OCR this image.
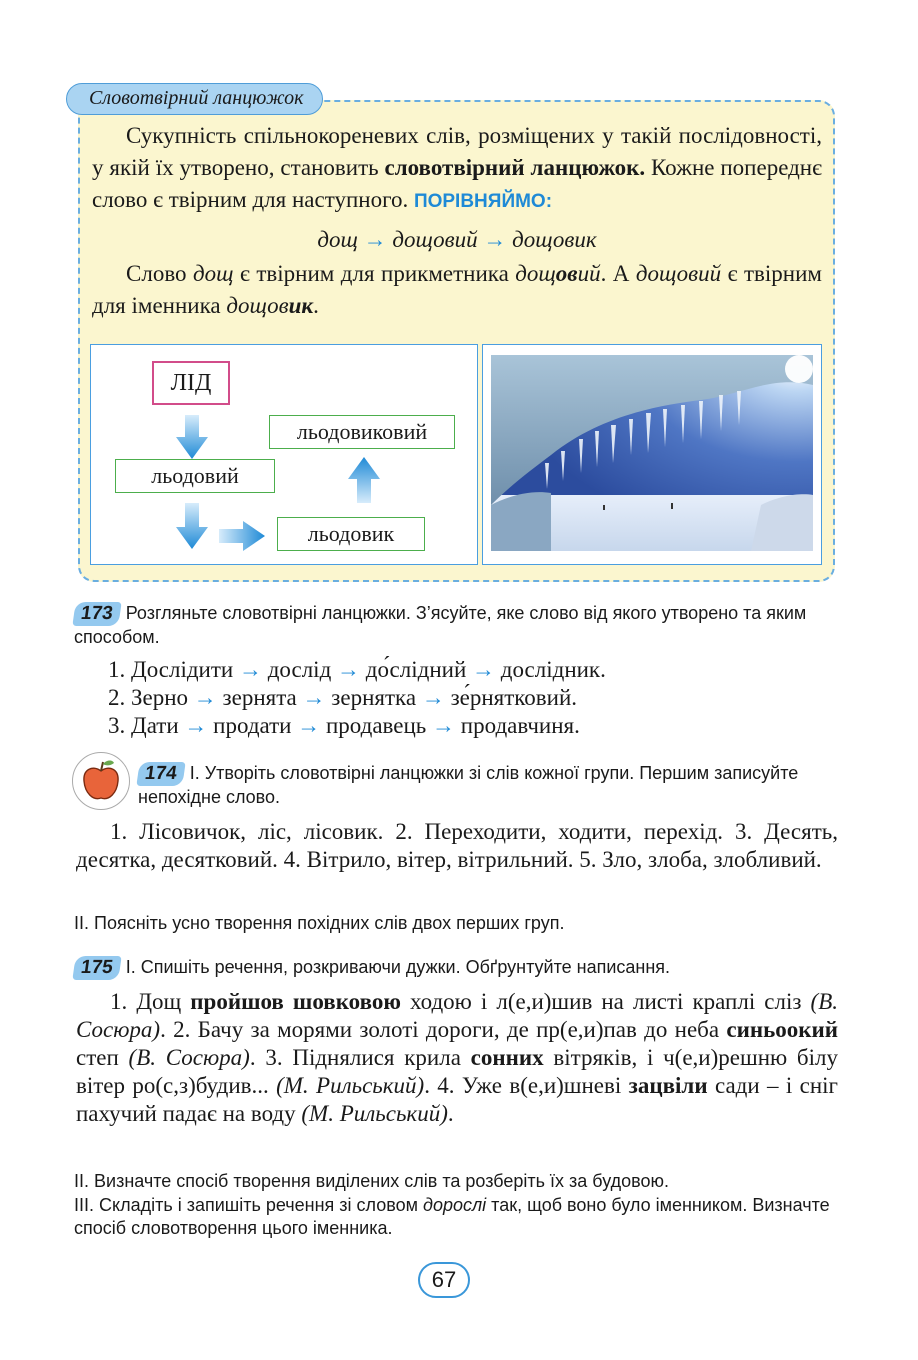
Словотвірний ланцюжок

Сукупність спільнокореневих слів, розміщених у такій послідовності, у якій їх утворено, становить словотвірний ланцюжок. Кожне попереднє слово є твірним для наступного. ПОРІВНЯЙМО:

дощ → дощовий → дощовик

Слово дощ є твірним для прикметника дощовий. А дощовий є твірним для іменника дощовик.

ЛІД
льодовий
льодовиковий
льодовик
173 Розгляньте словотвірні ланцюжки. З’ясуйте, яке слово від якого утворено та яким способом.

1. Дослідити → дослід → до́слідний → дослідник.

2. Зерно → зернята → зернятка → зе́рнятковий.

3. Дати → продати → продавець → продавчиня.

174 І. Утворіть словотвірні ланцюжки зі слів кожної групи. Першим записуйте непохідне слово.

1. Лісовичок, ліс, лісовик. 2. Переходити, ходити, перехід. 3. Десять, десятка, десятковий. 4. Вітрило, вітер, вітрильний. 5. Зло, злоба, злобливий.

ІІ. Поясніть усно творення похідних слів двох перших груп.
175 І. Спишіть речення, розкриваючи дужки. Обґрунтуйте написання.

1. Дощ пройшов шовковою ходою і л(е,и)шив на листі краплі сліз (В. Сосюра). 2. Бачу за морями золоті дороги, де пр(е,и)пав до неба синьоокий степ (В. Сосюра). 3. Піднялися крила сонних вітряків, і ч(е,и)решню білу вітер ро(с,з)будив... (М. Рильський). 4. Уже в(е,и)шневі зацвіли сади – і сніг пахучий падає на воду (М. Рильський).

ІІ. Визначте спосіб творення виділених слів та розберіть їх за будовою.
ІІІ. Складіть і запишіть речення зі словом дорослі так, щоб воно було іменником. Визначте спосіб словотворення цього іменника.
67
